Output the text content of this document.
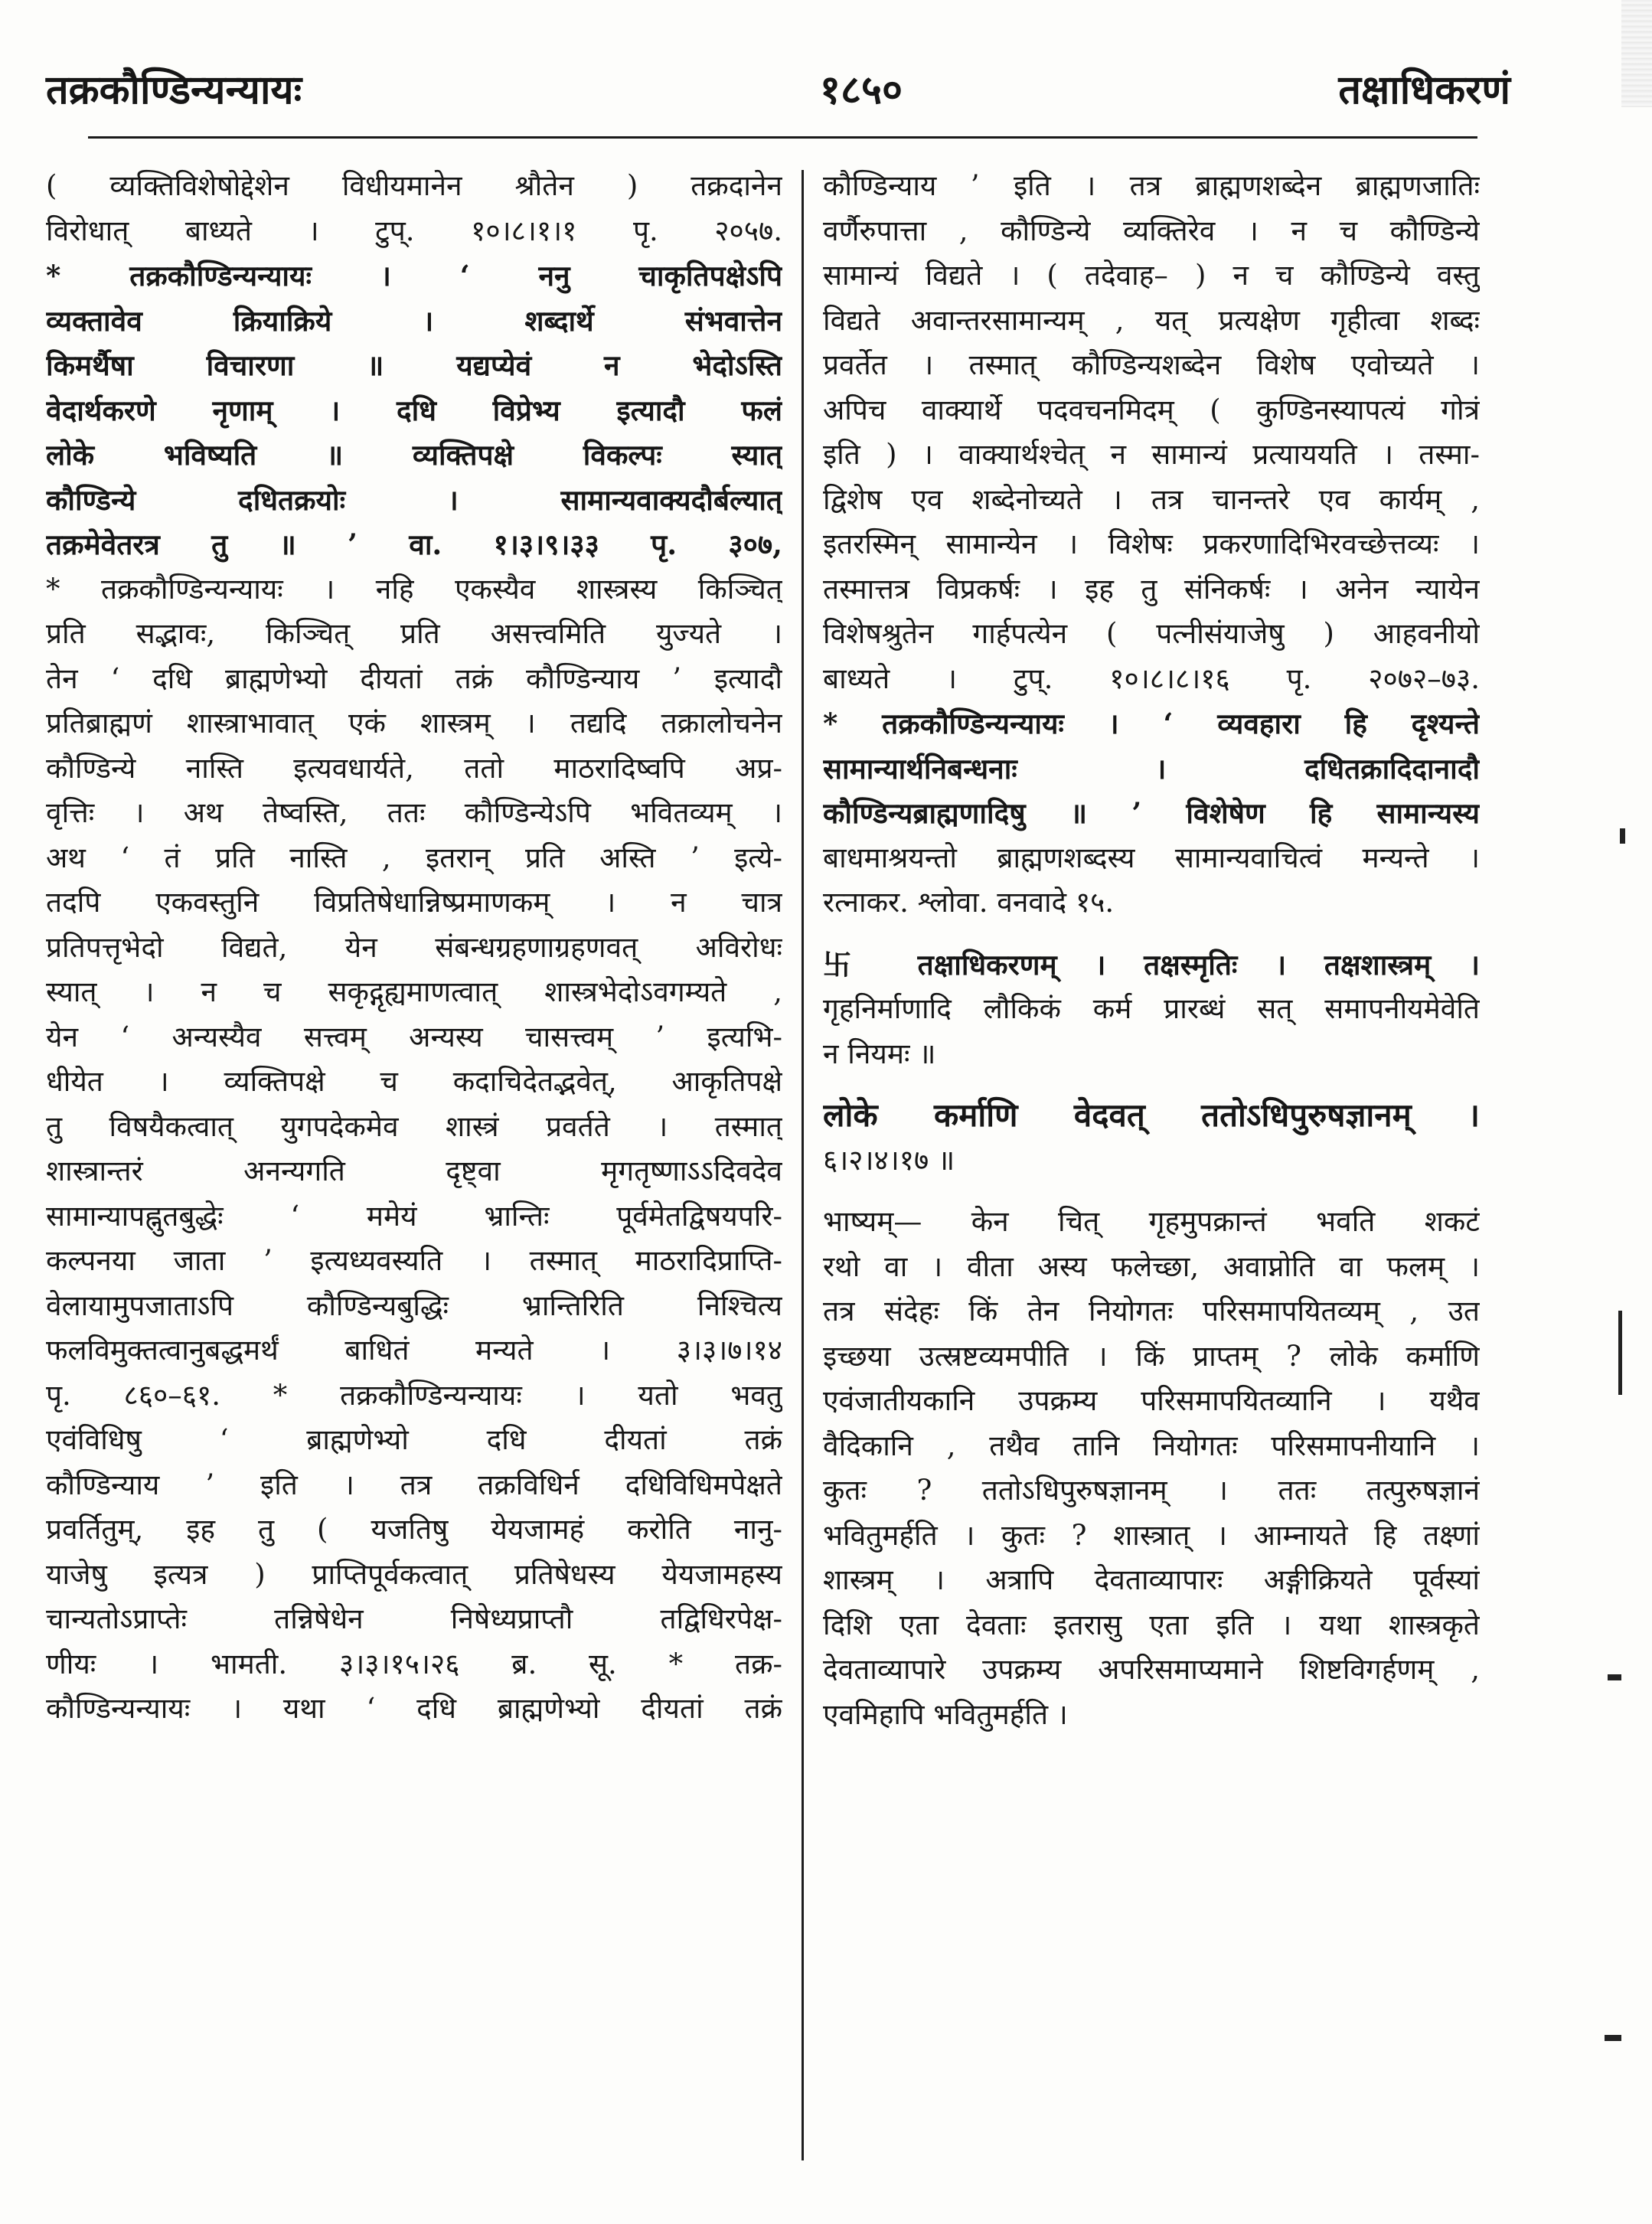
तक्रकौण्डिन्यन्यायः	१८५०	तक्षाधिकरणं
( व्यक्तिविशेषोद्देशेन विधीयमानेन श्रौतेन ) तक्रदानेन
विरोधात् बाध्यते । टुप्. १०।८।१।१ पृ. २०५७.
* तक्रकौण्डिन्यन्यायः । ‘ ननु चाकृतिपक्षेऽपि
व्यक्तावेव क्रियाक्रिये । शब्दार्थे संभवात्तेन
किमर्थैषा विचारणा ॥ यद्यप्येवं न भेदोऽस्ति
वेदार्थकरणे नृणाम् । दधि विप्रेभ्य इत्यादौ फलं
लोके भविष्यति ॥ व्यक्तिपक्षे विकल्पः स्यात्
कौण्डिन्ये दधितक्रयोः । सामान्यवाक्यदौर्बल्यात्
तक्रमेवेतरत्र तु ॥ ’ वा. १।३।९।३३ पृ. ३०७,
* तक्रकौण्डिन्यन्यायः । नहि एकस्यैव शास्त्रस्य किञ्चित्
प्रति सद्भावः, किञ्चित् प्रति असत्त्वमिति युज्यते ।
तेन ‘ दधि ब्राह्मणेभ्यो दीयतां तक्रं कौण्डिन्याय ’ इत्यादौ
प्रतिब्राह्मणं शास्त्राभावात् एकं शास्त्रम् । तद्यदि तक्रालोचनेन
कौण्डिन्ये नास्ति इत्यवधार्यते, ततो माठरादिष्वपि अप्र-
वृत्तिः । अथ तेष्वस्ति, ततः कौण्डिन्येऽपि भवितव्यम् ।
अथ ‘ तं प्रति नास्ति , इतरान् प्रति अस्ति ’ इत्ये-
तदपि एकवस्तुनि विप्रतिषेधान्निष्प्रमाणकम् । न चात्र
प्रतिपत्तृभेदो विद्यते, येन संबन्धग्रहणाग्रहणवत् अविरोधः
स्यात् । न च सकृद्गृह्यमाणत्वात् शास्त्रभेदोऽवगम्यते ,
येन ‘ अन्यस्यैव सत्त्वम् अन्यस्य चासत्त्वम् ’ इत्यभि-
धीयेत । व्यक्तिपक्षे च कदाचिदेतद्भवेत्, आकृतिपक्षे
तु विषयैकत्वात् युगपदेकमेव शास्त्रं प्रवर्तते । तस्मात्
शास्त्रान्तरं अनन्यगति दृष्ट्वा मृगतृष्णाऽऽदिवदेव
सामान्यापह्नुतबुद्धेः ‘ ममेयं भ्रान्तिः पूर्वमेतद्विषयपरि-
कल्पनया जाता ’ इत्यध्यवस्यति । तस्मात् माठरादिप्राप्ति-
वेलायामुपजाताऽपि कौण्डिन्यबुद्धिः भ्रान्तिरिति निश्चित्य
फलविमुक्तत्वानुबद्धमर्थं बाधितं मन्यते । ३।३।७।१४
पृ. ८६०–६१. * तक्रकौण्डिन्यन्यायः । यतो भवतु
एवंविधिषु ‘ ब्राह्मणेभ्यो दधि दीयतां तक्रं
कौण्डिन्याय ’ इति । तत्र तक्रविधिर्न दधिविधिमपेक्षते
प्रवर्तितुम्, इह तु ( यजतिषु येयजामहं करोति नानु-
याजेषु इत्यत्र ) प्राप्तिपूर्वकत्वात् प्रतिषेधस्य येयजामहस्य
चान्यतोऽप्राप्तेः तन्निषेधेन निषेध्यप्राप्तौ तद्विधिरपेक्ष-
णीयः । भामती. ३।३।१५।२६ ब्र. सू. * तक्र-
कौण्डिन्यन्यायः । यथा ‘ दधि ब्राह्मणेभ्यो दीयतां तक्रं
कौण्डिन्याय ’ इति । तत्र ब्राह्मणशब्देन ब्राह्मणजातिः
वर्णैरुपात्ता , कौण्डिन्ये व्यक्तिरेव । न च कौण्डिन्ये
सामान्यं विद्यते । ( तदेवाह– ) न च कौण्डिन्ये वस्तु
विद्यते अवान्तरसामान्यम् , यत् प्रत्यक्षेण गृहीत्वा शब्दः
प्रवर्तेत । तस्मात् कौण्डिन्यशब्देन विशेष एवोच्यते ।
अपिच वाक्यार्थे पदवचनमिदम् ( कुण्डिनस्यापत्यं गोत्रं
इति ) । वाक्यार्थश्चेत् न सामान्यं प्रत्याययति । तस्मा-
द्विशेष एव शब्देनोच्यते । तत्र चानन्तरे एव कार्यम् ,
इतरस्मिन् सामान्येन । विशेषः प्रकरणादिभिरवच्छेत्तव्यः ।
तस्मात्तत्र विप्रकर्षः । इह तु संनिकर्षः । अनेन न्यायेन
विशेषश्रुतेन गार्हपत्येन ( पत्नीसंयाजेषु ) आहवनीयो
बाध्यते । टुप्. १०।८।८।१६ पृ. २०७२–७३.
* तक्रकौण्डिन्यन्यायः । ‘ व्यवहारा हि दृश्यन्ते
सामान्यार्थनिबन्धनाः । दधितक्रादिदानादौ
कौण्डिन्यब्राह्मणादिषु ॥ ’ विशेषेण हि सामान्यस्य
बाधमाश्रयन्तो ब्राह्मणशब्दस्य सामान्यवाचित्वं मन्यन्ते ।
रत्नाकर. श्लोवा. वनवादे १५.
卐 तक्षाधिकरणम् । तक्षस्मृतिः । तक्षशास्त्रम् ।
गृहनिर्माणादि लौकिकं कर्म प्रारब्धं सत् समापनीयमेवेति
न नियमः ॥
लोके कर्माणि वेदवत् ततोऽधिपुरुषज्ञानम् ।
६।२।४।१७ ॥
भाष्यम्— केन चित् गृहमुपक्रान्तं भवति शकटं
रथो वा । वीता अस्य फलेच्छा, अवाप्नोति वा फलम् ।
तत्र संदेहः किं तेन नियोगतः परिसमापयितव्यम् , उत
इच्छया उत्स्रष्टव्यमपीति । किं प्राप्तम् ? लोके कर्माणि
एवंजातीयकानि उपक्रम्य परिसमापयितव्यानि । यथैव
वैदिकानि , तथैव तानि नियोगतः परिसमापनीयानि ।
कुतः ? ततोऽधिपुरुषज्ञानम् । ततः तत्पुरुषज्ञानं
भवितुमर्हति । कुतः ? शास्त्रात् । आम्नायते हि तक्ष्णां
शास्त्रम् । अत्रापि देवताव्यापारः अङ्गीक्रियते पूर्वस्यां
दिशि एता देवताः इतरासु एता इति । यथा शास्त्रकृते
देवताव्यापारे उपक्रम्य अपरिसमाप्यमाने शिष्टविगर्हणम् ,
एवमिहापि भवितुमर्हति ।
